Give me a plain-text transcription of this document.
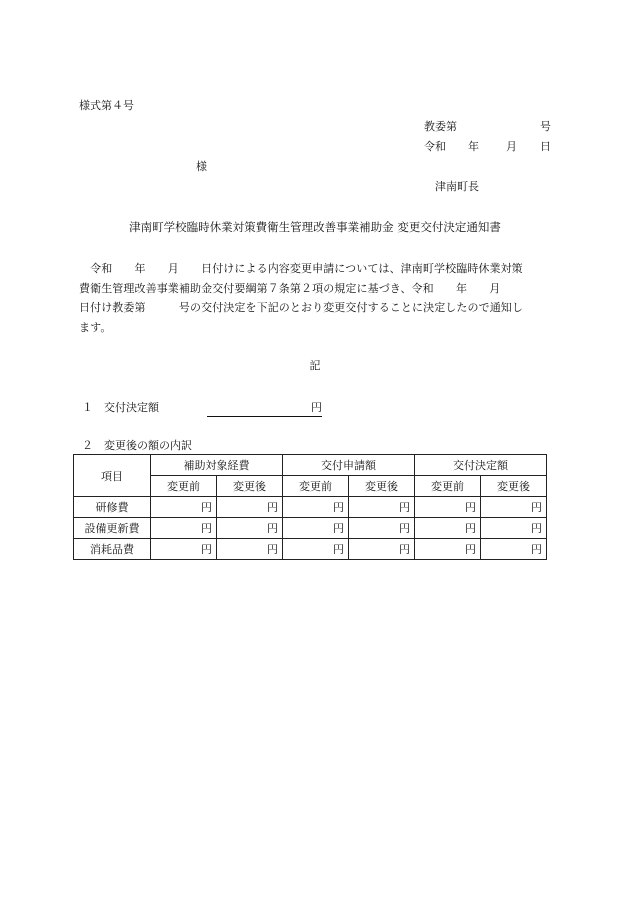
様式第４号
教委第	号
令和 年 月 日
様
津南町長
津南町学校臨時休業対策費衛生管理改善事業補助金 変更交付決定通知書
　令和　　年　　月　　日付けによる内容変更申請については、津南町学校臨時休業対策
費衛生管理改善事業補助金交付要綱第７条第２項の規定に基づき、令和　　年　　月
日付け教委第　　　号の交付決定を下記のとおり変更交付することに決定したので通知し
ます。
記
１　交付決定額	円
２　変更後の額の内訳
項目	補助対象経費		交付申請額		交付決定額	
	変更前	変更後	変更前	変更後	変更前	変更後
研修費	円	円	円	円	円	円
設備更新費	円	円	円	円	円	円
消耗品費	円	円	円	円	円	円
